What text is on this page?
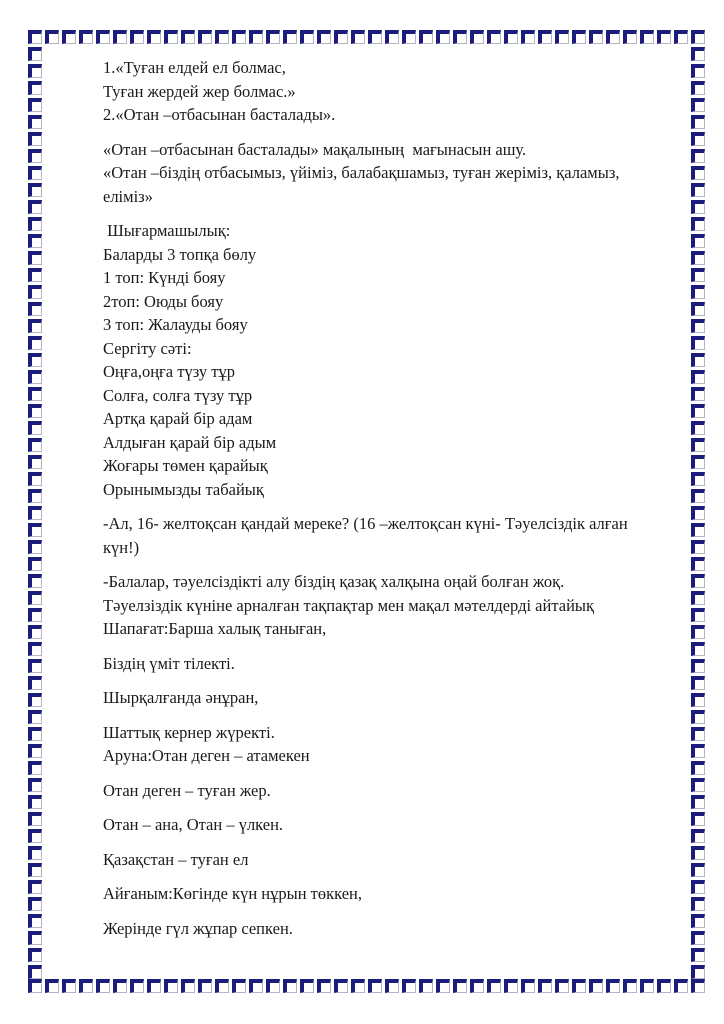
1.«Туған елдей ел болмас,
Туған жердей жер болмас.»
2.«Отан –отбасынан басталады».

«Отан –отбасынан басталады» мақалының  мағынасын ашу.
«Отан –біздің отбасымыз, үйіміз, балабақшамыз, туған жеріміз, қаламыз,
еліміз»

Шығармашылық:
Баларды 3 топқа бөлу
1 топ: Күнді бояу
2топ: Оюды бояу
3 топ: Жалауды бояу
Сергіту сәті:
Оңға,оңға түзу тұр
Солға, солға түзу тұр
Артқа қарай бір адам
Алдыған қарай бір адым
Жоғары төмен қарайық
Орынымызды табайық

-Ал, 16- желтоқсан қандай мереке? (16 –желтоқсан күні- Тәуелсіздік алған
күн!)

-Балалар, тәуелсіздікті алу біздің қазақ халқына оңай болған жоқ.
Тәуелзіздік күніне арналған тақпақтар мен мақал мәтелдерді айтайық
Шапағат:Барша халық таныған,

Біздің үміт тілекті.

Шырқалғанда әнұран,

Шаттық кернер жүректі.
Аруна:Отан деген – атамекен

Отан деген – туған жер.

Отан – ана, Отан – үлкен.

Қазақстан – туған ел

Айғаным:Көгінде күн нұрын төккен,

Жерінде гүл жұпар сепкен.
